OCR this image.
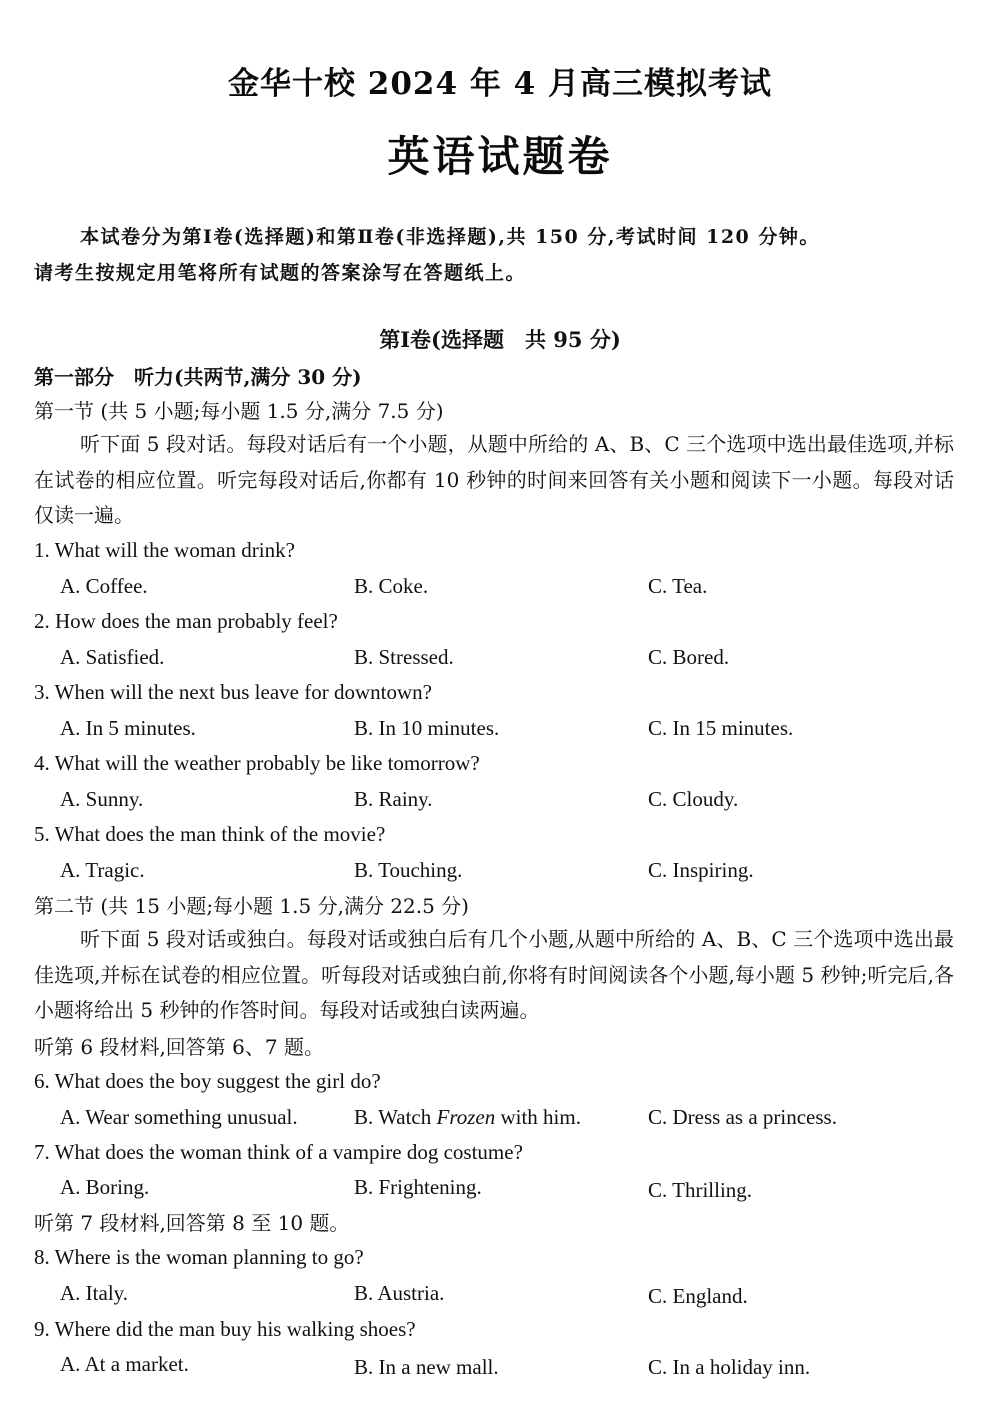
金华十校 2024 年 4 月高三模拟考试
英语试题卷
本试卷分为第Ⅰ卷(选择题)和第Ⅱ卷(非选择题),共 150 分,考试时间 120 分钟。
请考生按规定用笔将所有试题的答案涂写在答题纸上。
第Ⅰ卷(选择题　共 95 分)
第一部分　听力(共两节,满分 30 分)
第一节 (共 5 小题;每小题 1.5 分,满分 7.5 分)
听下面 5 段对话。每段对话后有一个小题，从题中所给的 A、B、C 三个选项中选出最佳选项,并标在试卷的相应位置。听完每段对话后,你都有 10 秒钟的时间来回答有关小题和阅读下一小题。每段对话仅读一遍。
1. What will the woman drink?
A. Coffee.	B. Coke.	C. Tea.
2. How does the man probably feel?
A. Satisfied.	B. Stressed.	C. Bored.
3. When will the next bus leave for downtown?
A. In 5 minutes.	B. In 10 minutes.	C. In 15 minutes.
4. What will the weather probably be like tomorrow?
A. Sunny.	B. Rainy.	C. Cloudy.
5. What does the man think of the movie?
A. Tragic.	B. Touching.	C. Inspiring.
第二节 (共 15 小题;每小题 1.5 分,满分 22.5 分)
听下面 5 段对话或独白。每段对话或独白后有几个小题,从题中所给的 A、B、C 三个选项中选出最佳选项,并标在试卷的相应位置。听每段对话或独白前,你将有时间阅读各个小题,每小题 5 秒钟;听完后,各小题将给出 5 秒钟的作答时间。每段对话或独白读两遍。
听第 6 段材料,回答第 6、7 题。
6. What does the boy suggest the girl do?
A. Wear something unusual.	B. Watch Frozen with him.	C. Dress as a princess.
7. What does the woman think of a vampire dog costume?
A. Boring.	B. Frightening.	C. Thrilling.
听第 7 段材料,回答第 8 至 10 题。
8. Where is the woman planning to go?
A. Italy.	B. Austria.	C. England.
9. Where did the man buy his walking shoes?
A. At a market.	B. In a new mall.	C. In a holiday inn.
